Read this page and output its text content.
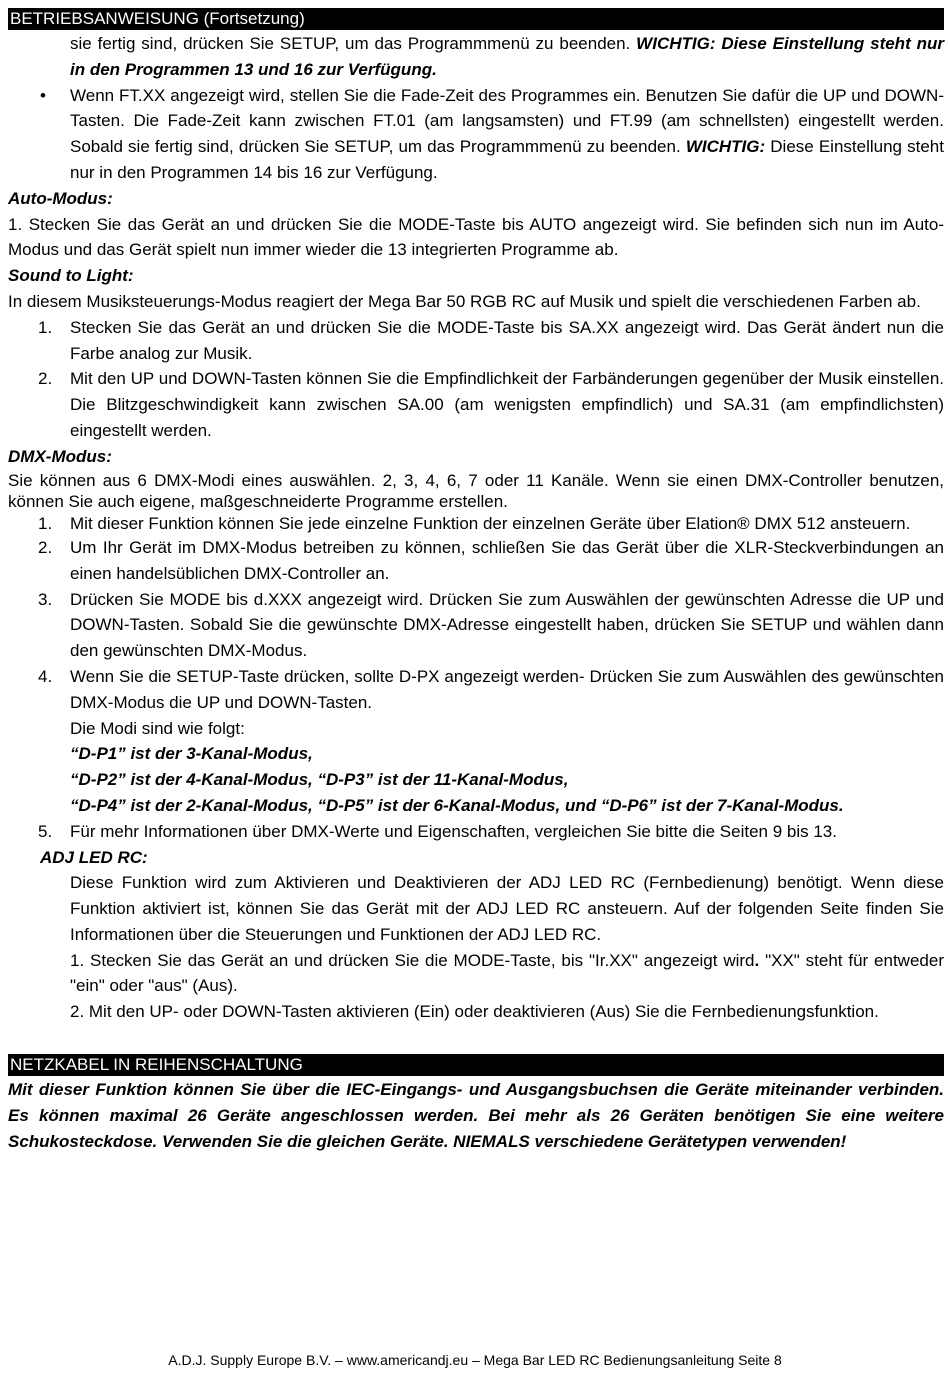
BETRIEBSANWEISUNG (Fortsetzung)

sie fertig sind, drücken Sie SETUP, um das Programmmenü zu beenden. WICHTIG: Diese Einstellung steht nur in den Programmen 13 und 16 zur Verfügung.

• Wenn FT.XX angezeigt wird, stellen Sie die Fade-Zeit des Programmes ein. Benutzen Sie dafür die UP und DOWN-Tasten. Die Fade-Zeit kann zwischen FT.01 (am langsamsten) und FT.99 (am schnellsten) eingestellt werden. Sobald sie fertig sind, drücken Sie SETUP, um das Programmmenü zu beenden. WICHTIG: Diese Einstellung steht nur in den Programmen 14 bis 16 zur Verfügung.

Auto-Modus:

1. Stecken Sie das Gerät an und drücken Sie die MODE-Taste bis AUTO angezeigt wird. Sie befinden sich nun im Auto-Modus und das Gerät spielt nun immer wieder die 13 integrierten Programme ab.

Sound to Light:

In diesem Musiksteuerungs-Modus reagiert der Mega Bar 50 RGB RC auf Musik und spielt die verschiedenen Farben ab.

1. Stecken Sie das Gerät an und drücken Sie die MODE-Taste bis SA.XX angezeigt wird. Das Gerät ändert nun die Farbe analog zur Musik.
2. Mit den UP und DOWN-Tasten können Sie die Empfindlichkeit der Farbänderungen gegenüber der Musik einstellen. Die Blitzgeschwindigkeit kann zwischen SA.00 (am wenigsten empfindlich) und SA.31 (am empfindlichsten) eingestellt werden.

DMX-Modus:

Sie können aus 6 DMX-Modi eines auswählen. 2, 3, 4, 6, 7 oder 11 Kanäle. Wenn sie einen DMX-Controller benutzen, können Sie auch eigene, maßgeschneiderte Programme erstellen.

1. Mit dieser Funktion können Sie jede einzelne Funktion der einzelnen Geräte über Elation® DMX 512 ansteuern.
2. Um Ihr Gerät im DMX-Modus betreiben zu können, schließen Sie das Gerät über die XLR-Steckverbindungen an einen handelsüblichen DMX-Controller an.
3. Drücken Sie MODE bis d.XXX angezeigt wird. Drücken Sie zum Auswählen der gewünschten Adresse die UP und DOWN-Tasten. Sobald Sie die gewünschte DMX-Adresse eingestellt haben, drücken Sie SETUP und wählen dann den gewünschten DMX-Modus.
4. Wenn Sie die SETUP-Taste drücken, sollte D-PX angezeigt werden- Drücken Sie zum Auswählen des gewünschten DMX-Modus die UP und DOWN-Tasten.

Die Modi sind wie folgt:

“D-P1” ist der 3-Kanal-Modus,

“D-P2” ist der 4-Kanal-Modus, “D-P3” ist der 11-Kanal-Modus,

“D-P4” ist der 2-Kanal-Modus, “D-P5” ist der 6-Kanal-Modus, und “D-P6” ist der 7-Kanal-Modus.

5. Für mehr Informationen über DMX-Werte und Eigenschaften, vergleichen Sie bitte die Seiten 9 bis 13.

ADJ LED RC:

Diese Funktion wird zum Aktivieren und Deaktivieren der ADJ LED RC (Fernbedienung) benötigt. Wenn diese Funktion aktiviert ist, können Sie das Gerät mit der ADJ LED RC ansteuern. Auf der folgenden Seite finden Sie Informationen über die Steuerungen und Funktionen der ADJ LED RC.

1. Stecken Sie das Gerät an und drücken Sie die MODE-Taste, bis "Ir.XX" angezeigt wird. "XX" steht für entweder "ein" oder "aus" (Aus).

2. Mit den UP- oder DOWN-Tasten aktivieren (Ein) oder deaktivieren (Aus) Sie die Fernbedienungsfunktion.

NETZKABEL IN REIHENSCHALTUNG

Mit dieser Funktion können Sie über die IEC-Eingangs- und Ausgangsbuchsen die Geräte miteinander verbinden. Es können maximal 26 Geräte angeschlossen werden. Bei mehr als 26 Geräten benötigen Sie eine weitere Schukosteckdose. Verwenden Sie die gleichen Geräte. NIEMALS verschiedene Gerätetypen verwenden!

A.D.J. Supply Europe B.V. – www.americandj.eu – Mega Bar LED RC Bedienungsanleitung Seite 8
